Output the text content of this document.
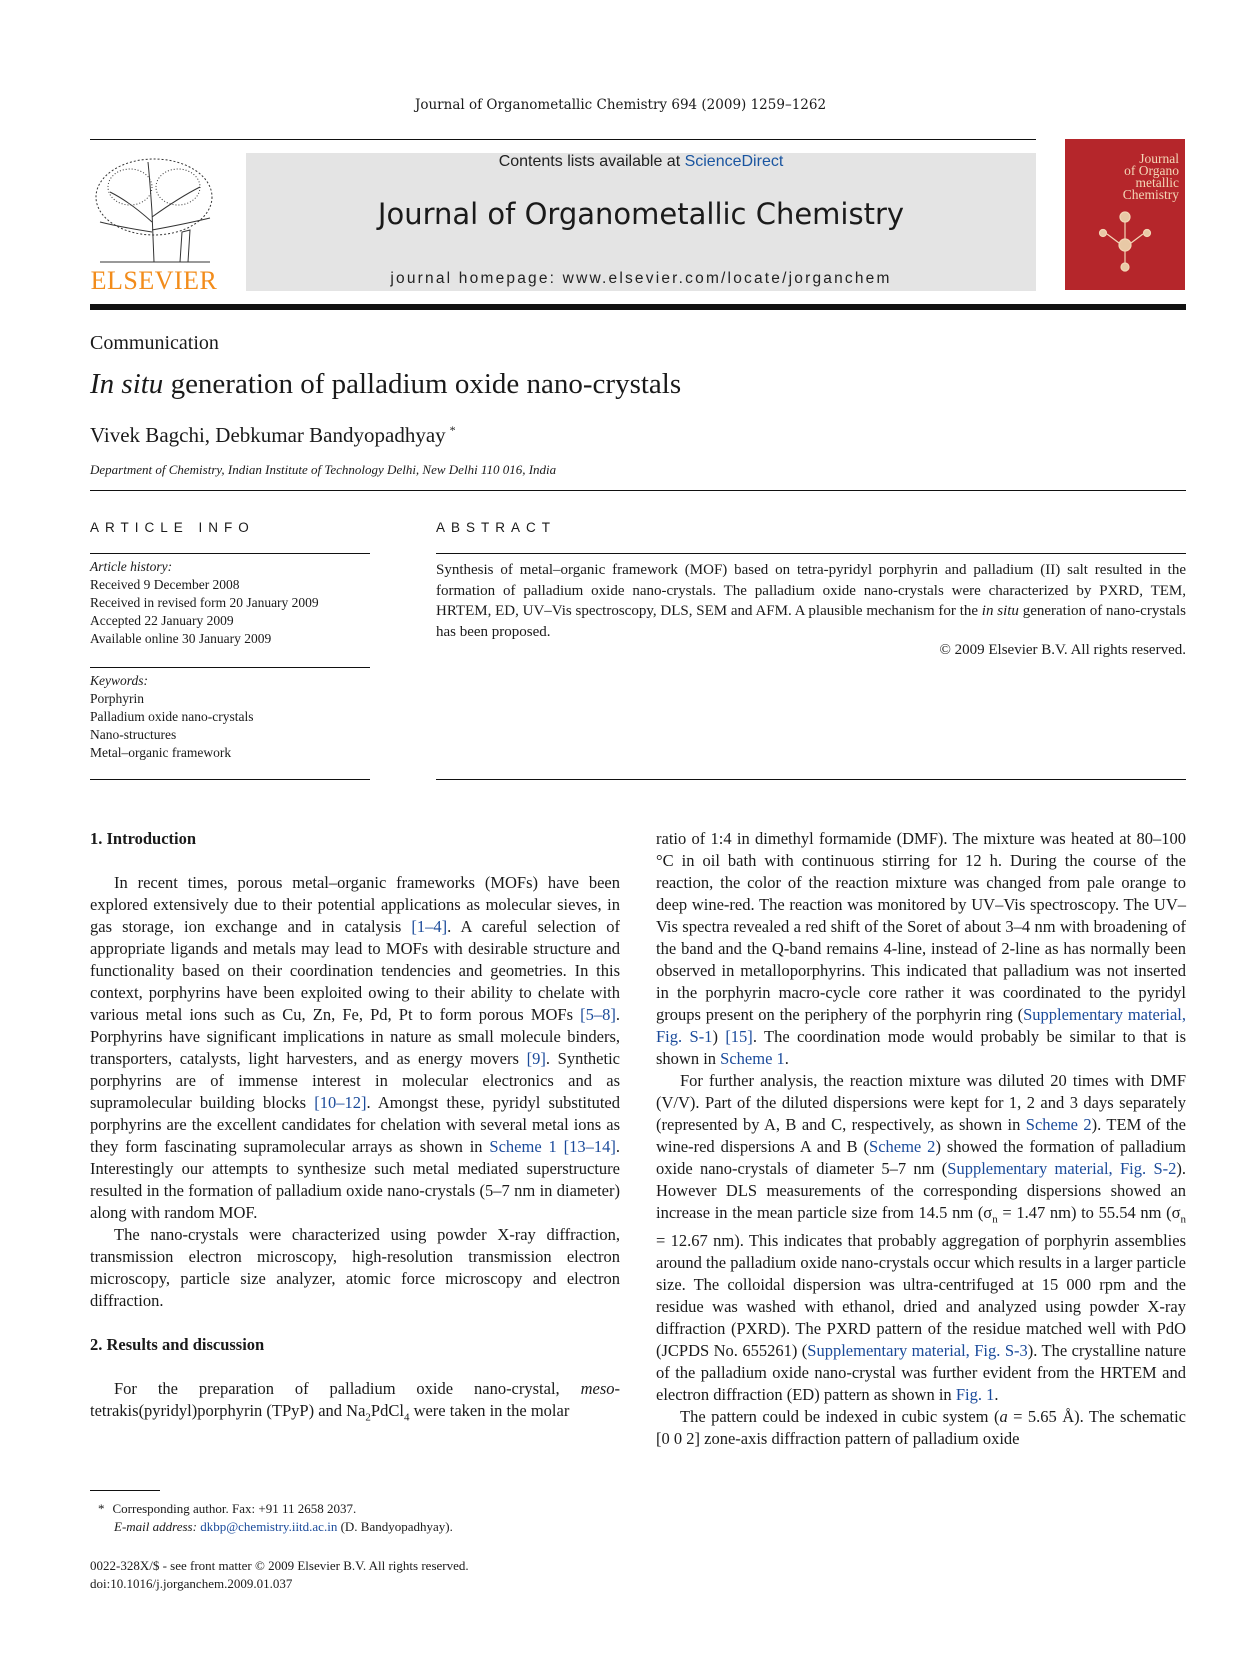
Journal of Organometallic Chemistry 694 (2009) 1259–1262
ELSEVIER
Contents lists available at ScienceDirect
Journal of Organometallic Chemistry
journal homepage: www.elsevier.com/locate/jorganchem
Journal
of Organo
metallic
Chemistry
Communication
In situ generation of palladium oxide nano-crystals
Vivek Bagchi, Debkumar Bandyopadhyay *
Department of Chemistry, Indian Institute of Technology Delhi, New Delhi 110 016, India
ARTICLE INFO
Article history:
Received 9 December 2008
Received in revised form 20 January 2009
Accepted 22 January 2009
Available online 30 January 2009
Keywords:
Porphyrin
Palladium oxide nano-crystals
Nano-structures
Metal–organic framework
ABSTRACT
Synthesis of metal–organic framework (MOF) based on tetra-pyridyl porphyrin and palladium (II) salt resulted in the formation of palladium oxide nano-crystals. The palladium oxide nano-crystals were characterized by PXRD, TEM, HRTEM, ED, UV–Vis spectroscopy, DLS, SEM and AFM. A plausible mechanism for the in situ generation of nano-crystals has been proposed.
© 2009 Elsevier B.V. All rights reserved.
1. Introduction

In recent times, porous metal–organic frameworks (MOFs) have been explored extensively due to their potential applications as molecular sieves, in gas storage, ion exchange and in catalysis [1–4]. A careful selection of appropriate ligands and metals may lead to MOFs with desirable structure and functionality based on their coordination tendencies and geometries. In this context, porphyrins have been exploited owing to their ability to chelate with various metal ions such as Cu, Zn, Fe, Pd, Pt to form porous MOFs [5–8]. Porphyrins have significant implications in nature as small molecule binders, transporters, catalysts, light harvesters, and as energy movers [9]. Synthetic porphyrins are of immense interest in molecular electronics and as supramolecular building blocks [10–12]. Amongst these, pyridyl substituted porphyrins are the excellent candidates for chelation with several metal ions as they form fascinating supramolecular arrays as shown in Scheme 1 [13–14]. Interestingly our attempts to synthesize such metal mediated superstructure resulted in the formation of palladium oxide nano-crystals (5–7 nm in diameter) along with random MOF.

The nano-crystals were characterized using powder X-ray diffraction, transmission electron microscopy, high-resolution transmission electron microscopy, particle size analyzer, atomic force microscopy and electron diffraction.

2. Results and discussion

For the preparation of palladium oxide nano-crystal, meso-tetrakis(pyridyl)porphyrin (TPyP) and $Na_2PdCl_4$ were taken in the molar

ratio of 1:4 in dimethyl formamide (DMF). The mixture was heated at 80–100 °C in oil bath with continuous stirring for 12 h. During the course of the reaction, the color of the reaction mixture was changed from pale orange to deep wine-red. The reaction was monitored by UV–Vis spectroscopy. The UV–Vis spectra revealed a red shift of the Soret of about 3–4 nm with broadening of the band and the Q-band remains 4-line, instead of 2-line as has normally been observed in metalloporphyrins. This indicated that palladium was not inserted in the porphyrin macro-cycle core rather it was coordinated to the pyridyl groups present on the periphery of the porphyrin ring (Supplementary material, Fig. S-1) [15]. The coordination mode would probably be similar to that is shown in Scheme 1.

For further analysis, the reaction mixture was diluted 20 times with DMF (V/V). Part of the diluted dispersions were kept for 1, 2 and 3 days separately (represented by A, B and C, respectively, as shown in Scheme 2). TEM of the wine-red dispersions A and B (Scheme 2) showed the formation of palladium oxide nano-crystals of diameter 5–7 nm (Supplementary material, Fig. S-2). However DLS measurements of the corresponding dispersions showed an increase in the mean particle size from 14.5 nm ($\sigma_n = 1.47$ nm) to 55.54 nm ($\sigma_n = 12.67$ nm). This indicates that probably aggregation of porphyrin assemblies around the palladium oxide nano-crystals occur which results in a larger particle size. The colloidal dispersion was ultra-centrifuged at 15 000 rpm and the residue was washed with ethanol, dried and analyzed using powder X-ray diffraction (PXRD). The PXRD pattern of the residue matched well with PdO (JCPDS No. 655261) (Supplementary material, Fig. S-3). The crystalline nature of the palladium oxide nano-crystal was further evident from the HRTEM and electron diffraction (ED) pattern as shown in Fig. 1.

The pattern could be indexed in cubic system (a = 5.65 Å). The schematic [0 0 2] zone-axis diffraction pattern of palladium oxide

* Corresponding author. Fax: +91 11 2658 2037.
E-mail address: dkbp@chemistry.iitd.ac.in (D. Bandyopadhyay).
0022-328X/$ - see front matter © 2009 Elsevier B.V. All rights reserved.
doi:10.1016/j.jorganchem.2009.01.037
